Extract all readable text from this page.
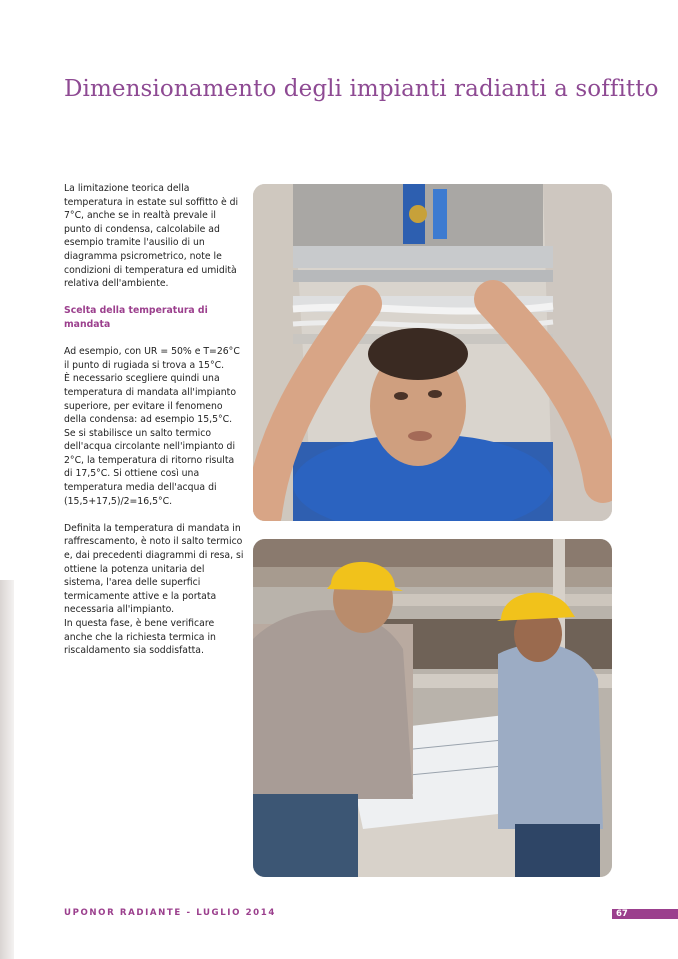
Dimensionamento degli impianti radianti a soffitto

La limitazione teorica della temperatura in estate sul soffitto è di 7°C, anche se in realtà prevale il punto di condensa, calcolabile ad esempio tramite l'ausilio di un diagramma psicrometrico, note le condizioni di temperatura ed umidità relativa dell'ambiente.

Scelta della temperatura di mandata

Ad esempio, con UR = 50% e T=26°C il punto di rugiada si trova a 15°C.

È necessario scegliere quindi una temperatura di mandata all'impianto superiore, per evitare il fenomeno della condensa: ad esempio 15,5°C.

Se si stabilisce un salto termico dell'acqua circolante nell'impianto di 2°C, la temperatura di ritorno risulta di 17,5°C. Si ottiene così una temperatura media dell'acqua di (15,5+17,5)/2=16,5°C.

Definita la temperatura di mandata in raffrescamento, è noto il salto termico e, dai precedenti diagrammi di resa, si ottiene la potenza unitaria del sistema, l'area delle superfici termicamente attive e la portata necessaria all'impianto.

In questa fase, è bene verificare anche che la richiesta termica in riscaldamento sia soddisfatta.

UPONOR RADIANTE - LUGLIO 2014	67
